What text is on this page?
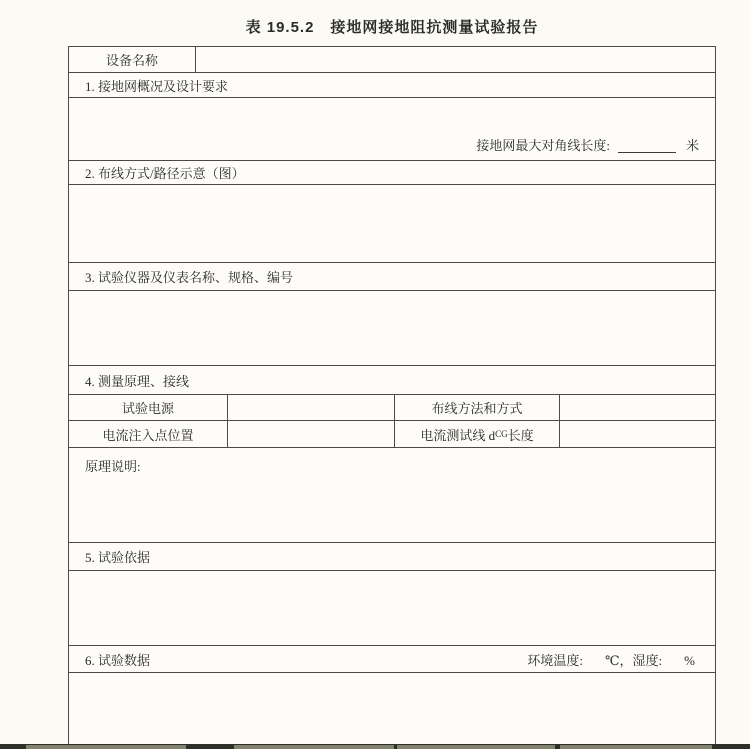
表 19.5.2　接地网接地阻抗测量试验报告
设备名称
1. 接地网概况及设计要求
接地网最大对角线长度:	米
2. 布线方式/路径示意（图）
3. 试验仪器及仪表名称、规格、编号
4. 测量原理、接线
试验电源	布线方法和方式
电流注入点位置	电流测试线 d CG 长度
原理说明:
5. 试验依据
6. 试验数据	环境温度: ℃，湿度: %
